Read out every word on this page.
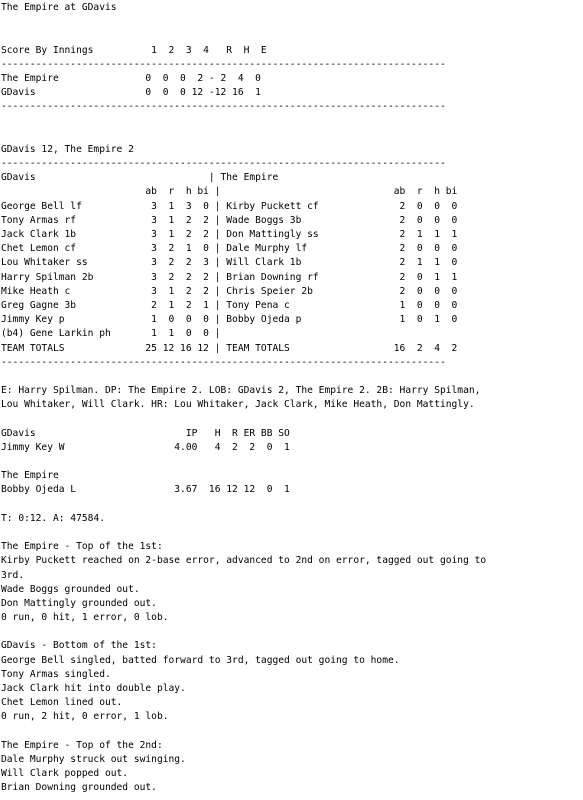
The Empire at GDavis
Score By Innings          1  2  3  4   R  H  E
-----------------------------------------------------------------------------
The Empire               0  0  0  2 - 2  4  0
GDavis                   0  0  0 12 -12 16  1
-----------------------------------------------------------------------------
GDavis 12, The Empire 2
-----------------------------------------------------------------------------
GDavis                              | The Empire
ab  r  h bi |                              ab  r  h bi
George Bell lf            3  1  3  0 | Kirby Puckett cf              2  0  0  0
Tony Armas rf             3  1  2  2 | Wade Boggs 3b                 2  0  0  0
Jack Clark 1b             3  1  2  2 | Don Mattingly ss              2  1  1  1
Chet Lemon cf             3  2  1  0 | Dale Murphy lf                2  0  0  0
Lou Whitaker ss           3  2  2  3 | Will Clark 1b                 2  1  1  0
Harry Spilman 2b          3  2  2  2 | Brian Downing rf              2  0  1  1
Mike Heath c              3  1  2  2 | Chris Speier 2b               2  0  0  0
Greg Gagne 3b             2  1  2  1 | Tony Pena c                   1  0  0  0
Jimmy Key p               1  0  0  0 | Bobby Ojeda p                 1  0  1  0
(b4) Gene Larkin ph       1  1  0  0 |
TEAM TOTALS              25 12 16 12 | TEAM TOTALS                  16  2  4  2
-----------------------------------------------------------------------------
E: Harry Spilman. DP: The Empire 2. LOB: GDavis 2, The Empire 2. 2B: Harry Spilman,
Lou Whitaker, Will Clark. HR: Lou Whitaker, Jack Clark, Mike Heath, Don Mattingly.
GDavis                          IP   H  R ER BB SO
Jimmy Key W                   4.00   4  2  2  0  1
The Empire
Bobby Ojeda L                 3.67  16 12 12  0  1
T: 0:12. A: 47584.
The Empire - Top of the 1st:
Kirby Puckett reached on 2-base error, advanced to 2nd on error, tagged out going to
3rd.
Wade Boggs grounded out.
Don Mattingly grounded out.
0 run, 0 hit, 1 error, 0 lob.
GDavis - Bottom of the 1st:
George Bell singled, batted forward to 3rd, tagged out going to home.
Tony Armas singled.
Jack Clark hit into double play.
Chet Lemon lined out.
0 run, 2 hit, 0 error, 1 lob.
The Empire - Top of the 2nd:
Dale Murphy struck out swinging.
Will Clark popped out.
Brian Downing grounded out.
